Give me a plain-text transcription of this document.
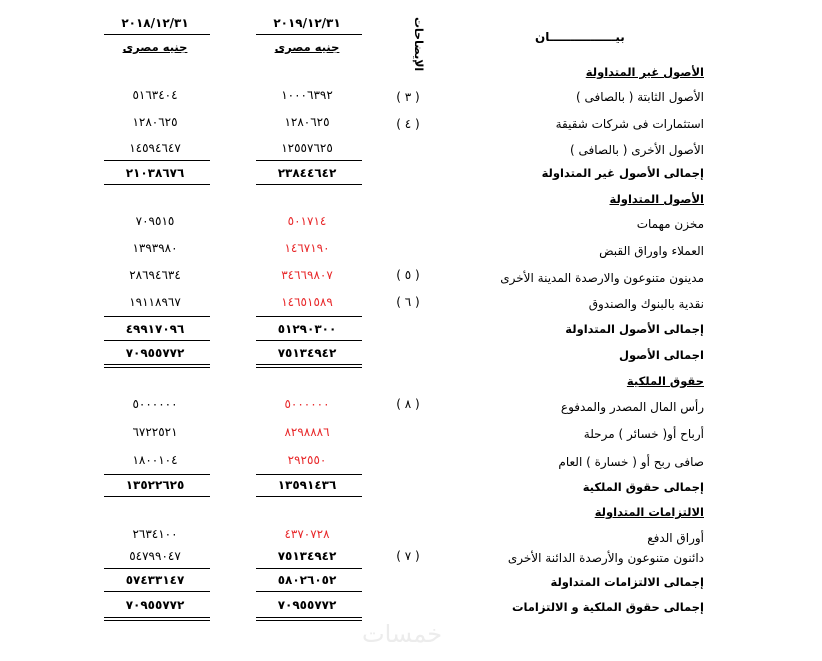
٢٠١٨/١٢/٣١
جنيه مصرى
٢٠١٩/١٢/٣١
جنيه مصرى	الإيضاحات	بيــــــــــــــــان
الأصول غير المتداولة
الأصول الثابتة ( بالصافى )
( ٣ )
١٠٠٠٦٣٩٢
٥١٦٣٤٠٤
استثمارات فى شركات شقيقة
( ٤ )
١٢٨٠٦٢٥
١٢٨٠٦٢٥
الأصول الأخرى ( بالصافى )
١٢٥٥٧٦٢٥
١٤٥٩٤٦٤٧
إجمالى الأصول غير المتداولة
٢٣٨٤٤٦٤٢
٢١٠٣٨٦٧٦
الأصول المتداولة
مخزن مهمات
٥٠١٧١٤
٧٠٩٥١٥
العملاء واوراق القبض
١٤٦٧١٩٠
١٣٩٣٩٨٠
مدينون متنوعون والارصدة المدينة الأخرى
( ٥ )
٣٤٦٦٩٨٠٧
٢٨٦٩٤٦٣٤
نقدية بالبنوك والصندوق
( ٦ )
١٤٦٥١٥٨٩
١٩١١٨٩٦٧
إجمالى الأصول المتداولة
٥١٢٩٠٣٠٠
٤٩٩١٧٠٩٦
اجمالى الأصول
٧٥١٣٤٩٤٢
٧٠٩٥٥٧٧٢
حقوق الملكية
رأس المال المصدر والمدفوع
( ٨ )
٥٠٠٠٠٠٠
٥٠٠٠٠٠٠
أرباح أو( خسائر ) مرحلة
٨٢٩٨٨٨٦
٦٧٢٢٥٢١
صافى ربح أو ( خسارة ) العام
٢٩٢٥٥٠
١٨٠٠١٠٤
إجمالى حقوق الملكية
١٣٥٩١٤٣٦
١٣٥٢٢٦٢٥
الالتزامات المتداولة
أوراق الدفع
٤٣٧٠٧٢٨
٢٦٣٤١٠٠
دائنون متنوعون والأرصدة الدائنة الأخرى
( ٧ )
٧٥١٣٤٩٤٢
٥٤٧٩٩٠٤٧
إجمالى الالتزامات المتداولة
٥٨٠٢٦٠٥٢
٥٧٤٣٣١٤٧
إجمالى حقوق الملكية و الالتزامات
٧٠٩٥٥٧٧٢
٧٠٩٥٥٧٧٢
خمسات
